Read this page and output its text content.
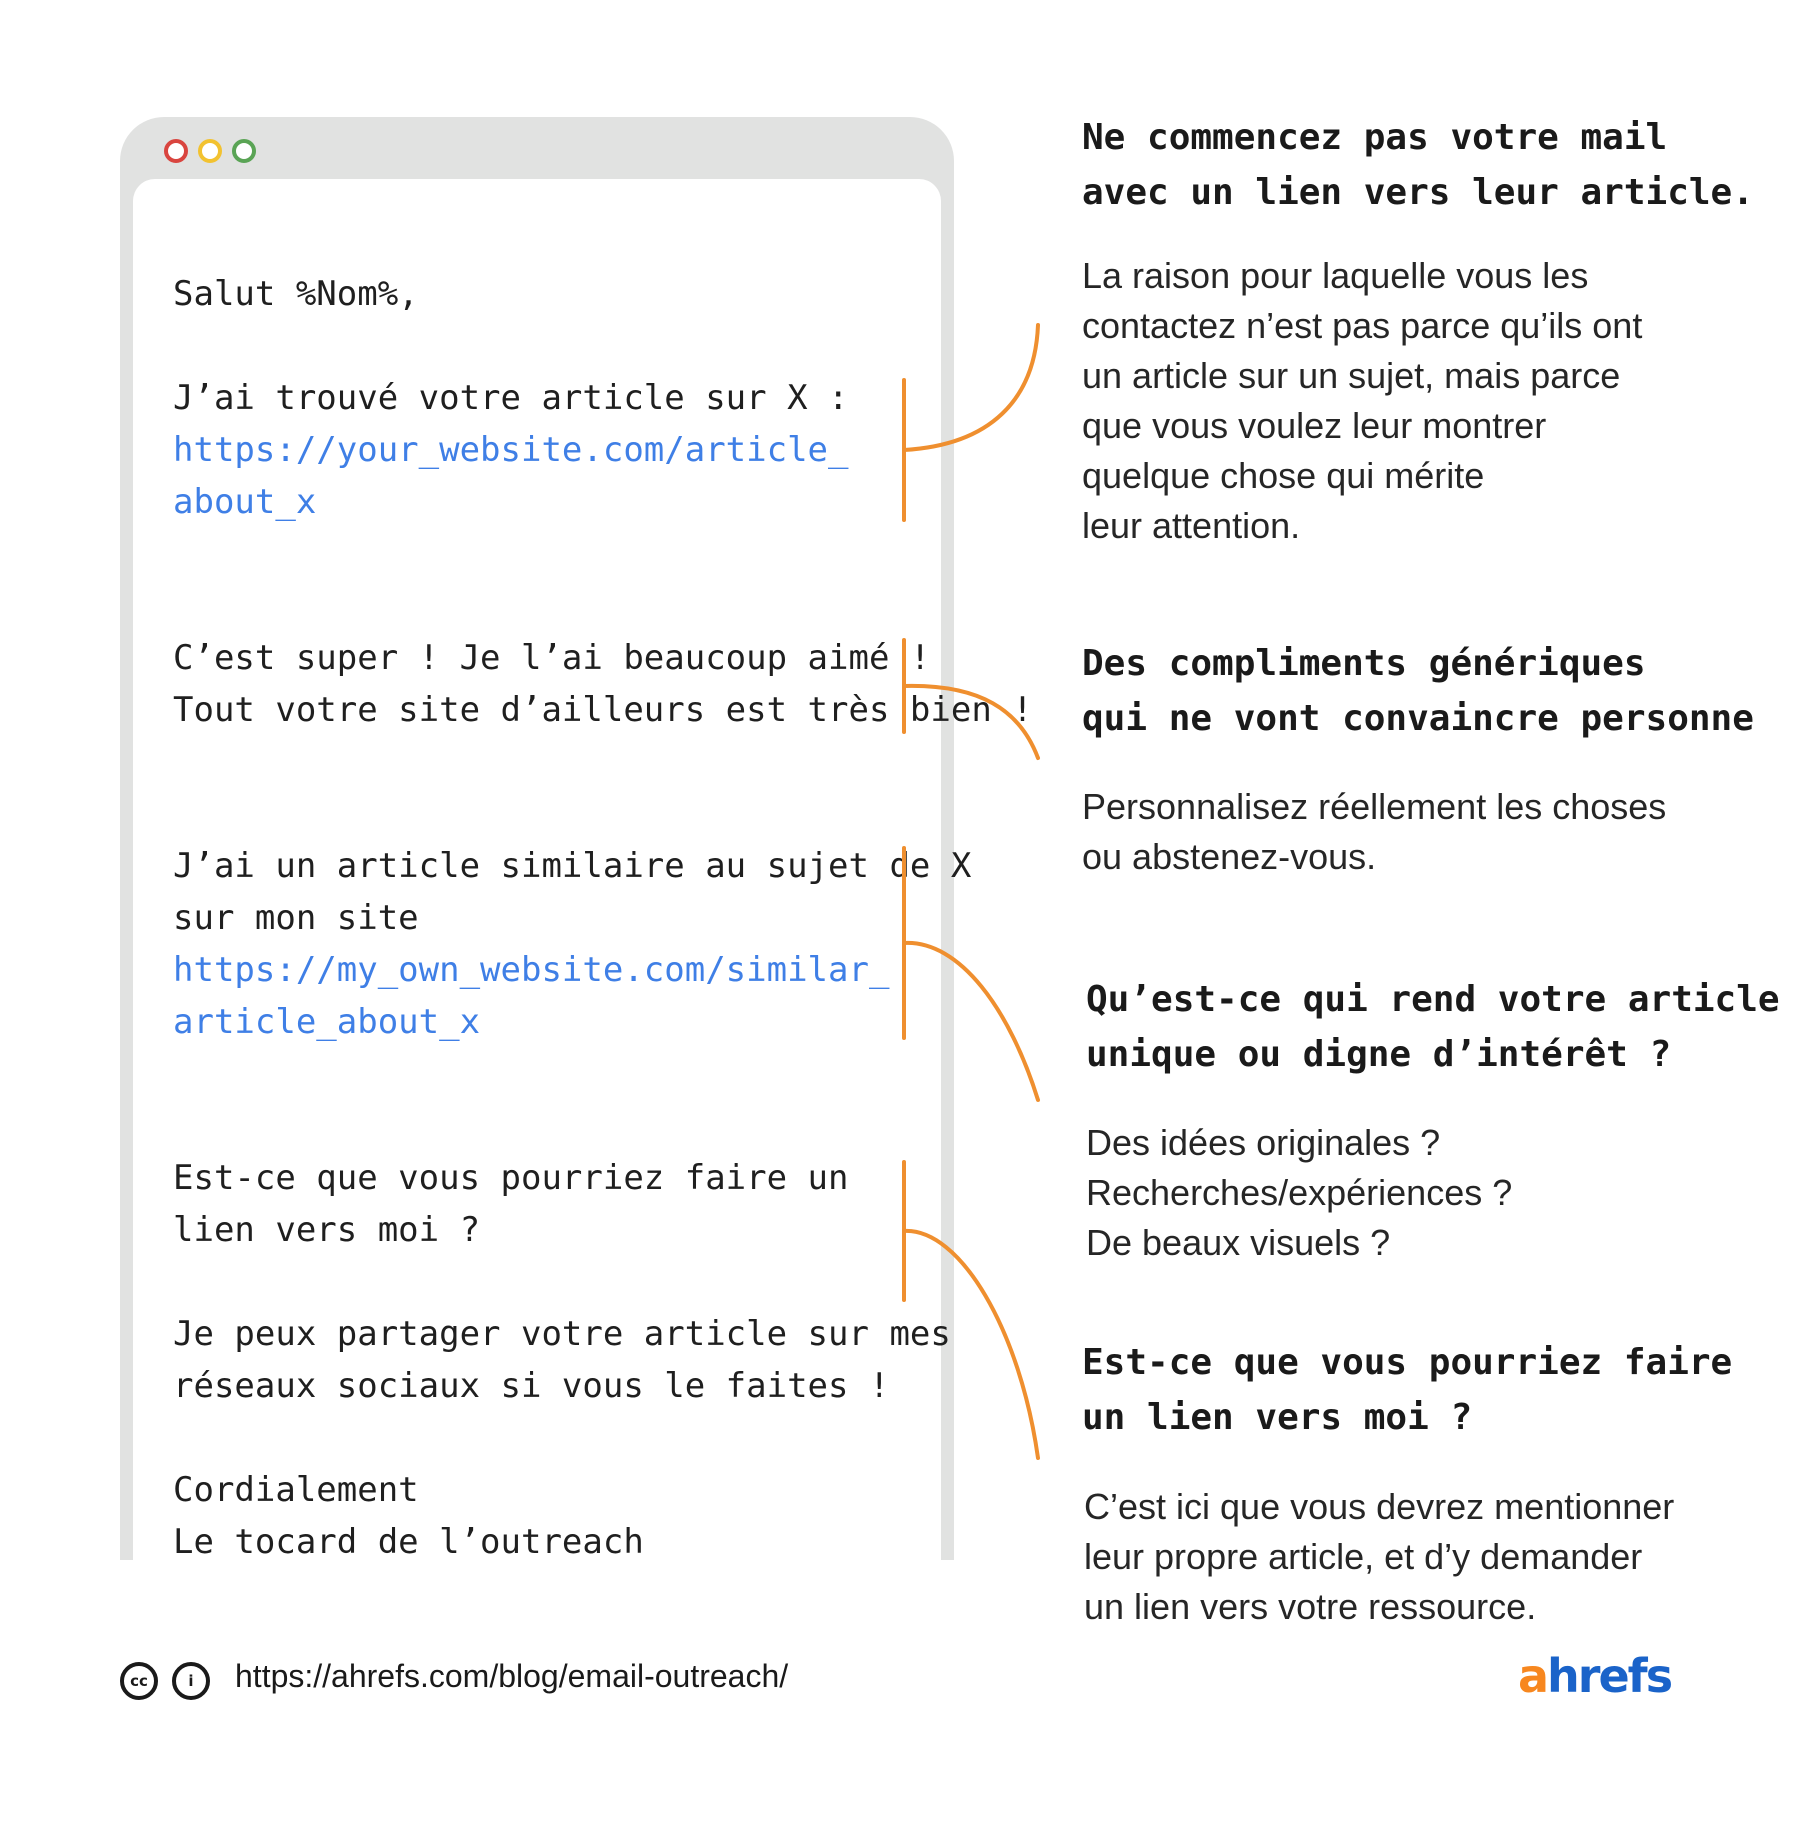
Salut %Nom%,

J’ai trouvé votre article sur X :

https://your_website.com/article_

about_x

C’est super ! Je l’ai beaucoup aimé !

Tout votre site d’ailleurs est très bien !

J’ai un article similaire au sujet de X

sur mon site

https://my_own_website.com/similar_

article_about_x

Est-ce que vous pourriez faire un

lien vers moi ?

Je peux partager votre article sur mes

réseaux sociaux si vous le faites !

Cordialement

Le tocard de l’outreach

Ne commencez pas votre mail

avec un lien vers leur article.

La raison pour laquelle vous les

contactez n’est pas parce qu’ils ont

un article sur un sujet, mais parce

que vous voulez leur montrer

quelque chose qui mérite

leur attention.

Des compliments génériques

qui ne vont convaincre personne

Personnalisez réellement les choses

ou abstenez-vous.

Qu’est-ce qui rend votre article

unique ou digne d’intérêt ?

Des idées originales ?

Recherches/expériences ?

De beaux visuels ?

Est-ce que vous pourriez faire

un lien vers moi ?

C’est ici que vous devrez mentionner

leur propre article, et d’y demander

un lien vers votre ressource.

cc	i	https://ahrefs.com/blog/email-outreach/	ahrefs
